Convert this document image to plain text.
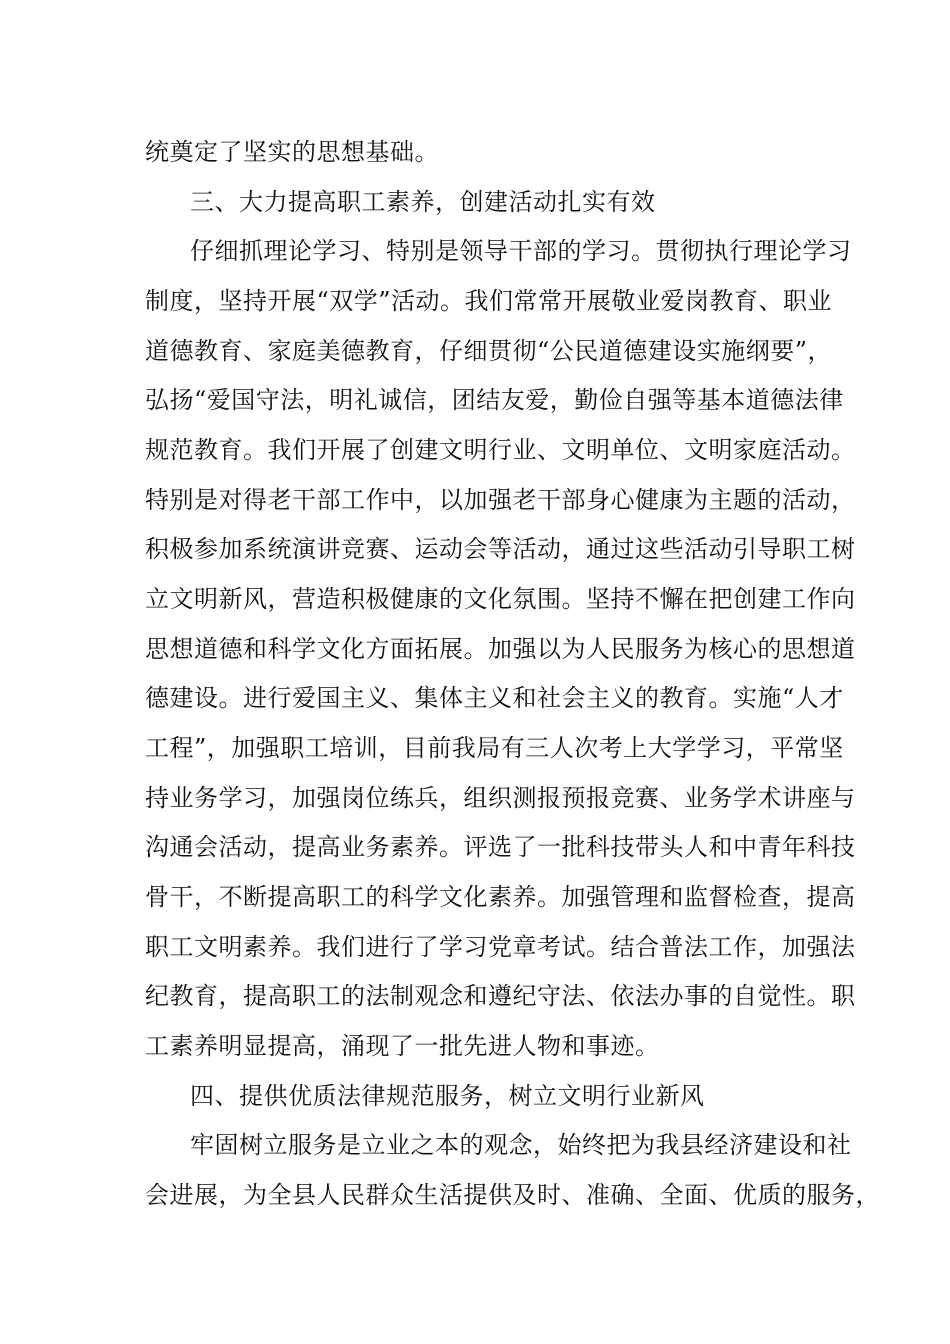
统奠定了坚实的思想基础。
三、大力提高职工素养，创建活动扎实有效
仔细抓理论学习、特别是领导干部的学习。贯彻执行理论学习
制度，坚持开展“双学”活动。我们常常开展敬业爱岗教育、职业
道德教育、家庭美德教育，仔细贯彻“公民道德建设实施纲要”，
弘扬“爱国守法，明礼诚信，团结友爱，勤俭自强等基本道德法律
规范教育。我们开展了创建文明行业、文明单位、文明家庭活动。
特别是对得老干部工作中，以加强老干部身心健康为主题的活动，
积极参加系统演讲竞赛、运动会等活动，通过这些活动引导职工树
立文明新风，营造积极健康的文化氛围。坚持不懈在把创建工作向
思想道德和科学文化方面拓展。加强以为人民服务为核心的思想道
德建设。进行爱国主义、集体主义和社会主义的教育。实施“人才
工程”，加强职工培训，目前我局有三人次考上大学学习，平常坚
持业务学习，加强岗位练兵，组织测报预报竞赛、业务学术讲座与
沟通会活动，提高业务素养。评选了一批科技带头人和中青年科技
骨干，不断提高职工的科学文化素养。加强管理和监督检查，提高
职工文明素养。我们进行了学习党章考试。结合普法工作，加强法
纪教育，提高职工的法制观念和遵纪守法、依法办事的自觉性。职
工素养明显提高，涌现了一批先进人物和事迹。
四、提供优质法律规范服务，树立文明行业新风
牢固树立服务是立业之本的观念，始终把为我县经济建设和社
会进展，为全县人民群众生活提供及时、准确、全面、优质的服务，
